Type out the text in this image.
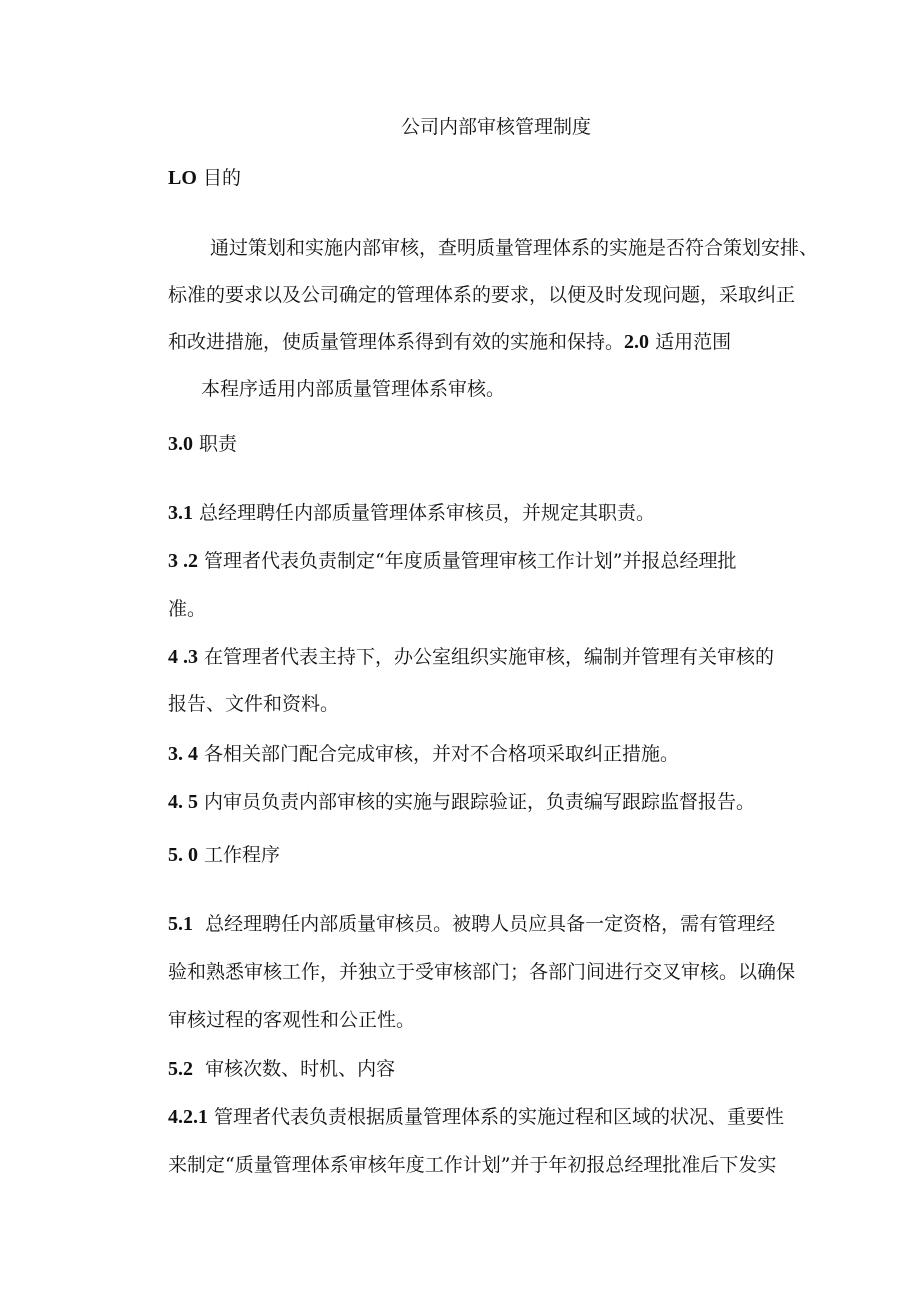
公司内部审核管理制度
LO 目的
通过策划和实施内部审核，查明质量管理体系的实施是否符合策划安排、
标准的要求以及公司确定的管理体系的要求，以便及时发现问题，采取纠正
和改进措施，使质量管理体系得到有效的实施和保持。2.0 适用范围
本程序适用内部质量管理体系审核。
3.0 职责
3.1 总经理聘任内部质量管理体系审核员，并规定其职责。
3 .2 管理者代表负责制定“年度质量管理审核工作计划”并报总经理批
准。
4 .3 在管理者代表主持下，办公室组织实施审核，编制并管理有关审核的
报告、文件和资料。
3. 4 各相关部门配合完成审核，并对不合格项采取纠正措施。
4. 5 内审员负责内部审核的实施与跟踪验证，负责编写跟踪监督报告。
5. 0 工作程序
5.1 总经理聘任内部质量审核员。被聘人员应具备一定资格，需有管理经
验和熟悉审核工作，并独立于受审核部门；各部门间进行交叉审核。以确保
审核过程的客观性和公正性。
5.2 审核次数、时机、内容
4.2.1 管理者代表负责根据质量管理体系的实施过程和区域的状况、重要性
来制定“质量管理体系审核年度工作计划”并于年初报总经理批准后下发实
